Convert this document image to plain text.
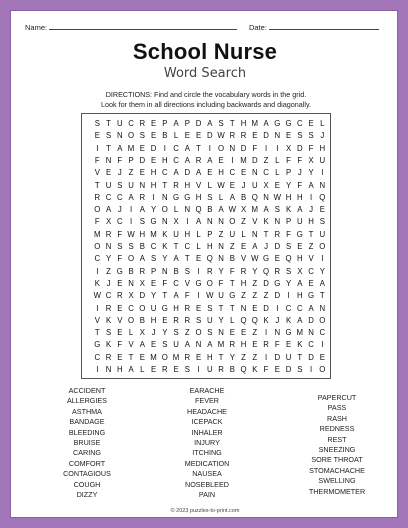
Name:	Date:
School Nurse
Word Search
DIRECTIONS: Find and circle the vocabulary words in the grid.
Look for them in all directions including backwards and diagonally.
S T U C R E P A P D A S T H M A G G C E L
E S N O S E B L E E D W R R E D N E S S J
I T A M E D I C A T I O N D F I	I X D F H
F N F P D E H C A R A E I M D Z L F F X U
V E J Z E H C A D A E H C E N C L P J Y I
T U S U N H T R H V L W E J U X E Y F A N
R C C A R I N G G H S L A B Q N W H H I Q
O A J	I A Y O L N Q B A W X M A S K A J E
F X C I S G N X I A N N O Z V K N P U H S
M R F W H M K U H L P Z U L N T R F G T U
O N S S B C K T C L H N Z E A J D S E Z O
C Y F O A S Y A T E Q N B V W G E Q H V I
I Z G B R P N B S I R Y F R Y Q R S X C Y
K J E N X E F C V G O F T H Z D G Y A E A
W C R X D Y T A F I W U G Z Z Z D I H G T
I R E C O U G H R E S T T N E D I C C A N
V K V O B H E R R S U Y L Q Q K J K A D O
T S E L X J Y S Z O S N E E Z I N G M N C
G K F V A E S U A N A M R H E R F E K C I
C R E T E M O M R E H T Y Z Z I D U T D E
I N H A L E R E S I U R B Q K F E D S I O
ACCIDENT
ALLERGIES
ASTHMA
BANDAGE
BLEEDING
BRUISE
CARING
COMFORT
CONTAGIOUS
COUGH
DIZZY
EARACHE
FEVER
HEADACHE
ICEPACK
INHALER
INJURY
ITCHING
MEDICATION
NAUSEA
NOSEBLEED
PAIN
PAPERCUT
PASS
RASH
REDNESS
REST
SNEEZING
SORE THROAT
STOMACHACHE
SWELLING
THERMOMETER
© 2023 puzzles-to-print.com
